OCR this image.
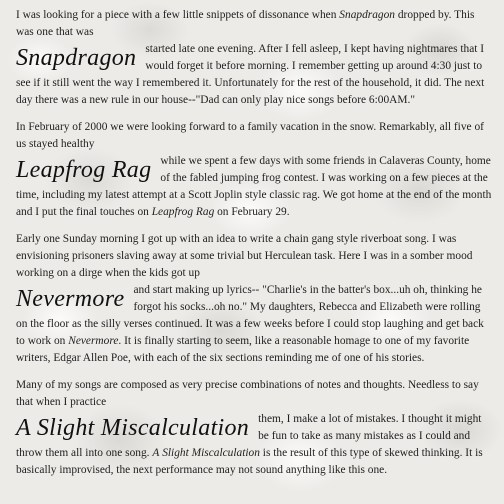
I was looking for a piece with a few little snippets of dissonance when Snapdragon dropped by. This was one that was

Snapdragon started late one evening. After I fell asleep, I kept having nightmares that I would forget it before morning. I remember getting up around 4:30 just to see if it still went the way I remembered it. Unfortunately for the rest of the household, it did. The next day there was a new rule in our house--"Dad can only play nice songs before 6:00AM."

In February of 2000 we were looking forward to a family vacation in the snow. Remarkably, all five of us stayed healthy

Leapfrog Rag while we spent a few days with some friends in Calaveras County, home of the fabled jumping frog contest. I was working on a few pieces at the time, including my latest attempt at a Scott Joplin style classic rag. We got home at the end of the month and I put the final touches on Leapfrog Rag on February 29.

Early one Sunday morning I got up with an idea to write a chain gang style riverboat song. I was envisioning prisoners slaving away at some trivial but Herculean task. Here I was in a somber mood working on a dirge when the kids got up

Nevermore and start making up lyrics-- "Charlie's in the batter's box...uh oh, thinking he forgot his socks...oh no." My daughters, Rebecca and Elizabeth were rolling on the floor as the silly verses continued. It was a few weeks before I could stop laughing and get back to work on Nevermore. It is finally starting to seem, like a reasonable homage to one of my favorite writers, Edgar Allen Poe, with each of the six sections reminding me of one of his stories.

Many of my songs are composed as very precise combinations of notes and thoughts. Needless to say that when I practice

A Slight Miscalculation them, I make a lot of mistakes. I thought it might be fun to take as many mistakes as I could and throw them all into one song. A Slight Miscalculation is the result of this type of skewed thinking. It is basically improvised, the next performance may not sound anything like this one.
